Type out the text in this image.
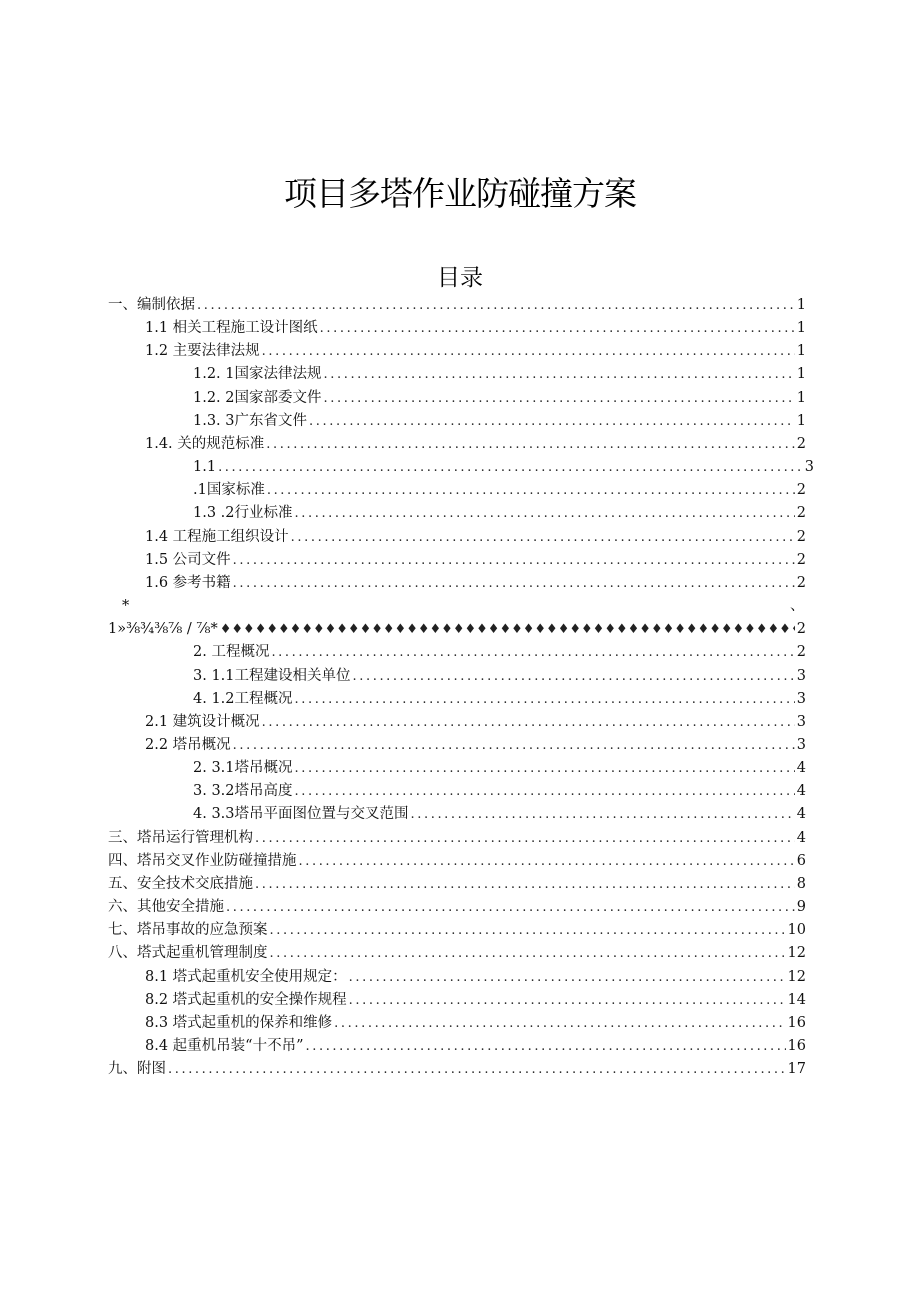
项目多塔作业防碰撞方案
目录
一、编制依据 .....	1
1.1 相关工程施工设计图纸 .....	1
1.2 主要法律法规 .....	1
1.2. 1国家法律法规 .....	1
1.2. 2国家部委文件 .....	1
1.3. 3广东省文件 .....	1
1.4. 关的规范标准 .....	2
1.1 .....	3
.1国家标准 .....	2
1.3 .2行业标准 .....	2
1.4 工程施工组织设计 .....	2
1.5 公司文件 .....	2
1.6 参考书籍 .....	2
*	、
1»⅜¾⅜⅞ / ⅞* ♦♦♦♦♦♦♦♦♦♦♦♦♦♦♦♦♦♦♦♦♦♦♦♦♦♦♦♦♦♦♦♦♦♦♦♦♦♦♦♦♦♦♦♦♦♦♦♦♦♦♦♦♦♦♦♦♦♦♦♦♦♦♦♦♦♦♦♦♦♦♦♦♦♦♦♦♦♦♦♦♦♦	2
2. 工程概况 .....	2
3. 1.1工程建设相关单位 .....	3
4. 1.2工程概况 .....	3
2.1 建筑设计概况 .....	3
2.2 塔吊概况 .....	3
2. 3.1塔吊概况 .....	4
3. 3.2塔吊高度 .....	4
4. 3.3塔吊平面图位置与交叉范围 .....	4
三、塔吊运行管理机构 .....	4
四、塔吊交叉作业防碰撞措施 .....	6
五、安全技术交底措施 .....	8
六、其他安全措施 .....	9
七、塔吊事故的应急预案 .....	10
八、塔式起重机管理制度 .....	12
8.1 塔式起重机安全使用规定： .....	12
8.2 塔式起重机的安全操作规程 .....	14
8.3 塔式起重机的保养和维修 .....	16
8.4 起重机吊装“十不吊” .....	16
九、附图 .....	17
